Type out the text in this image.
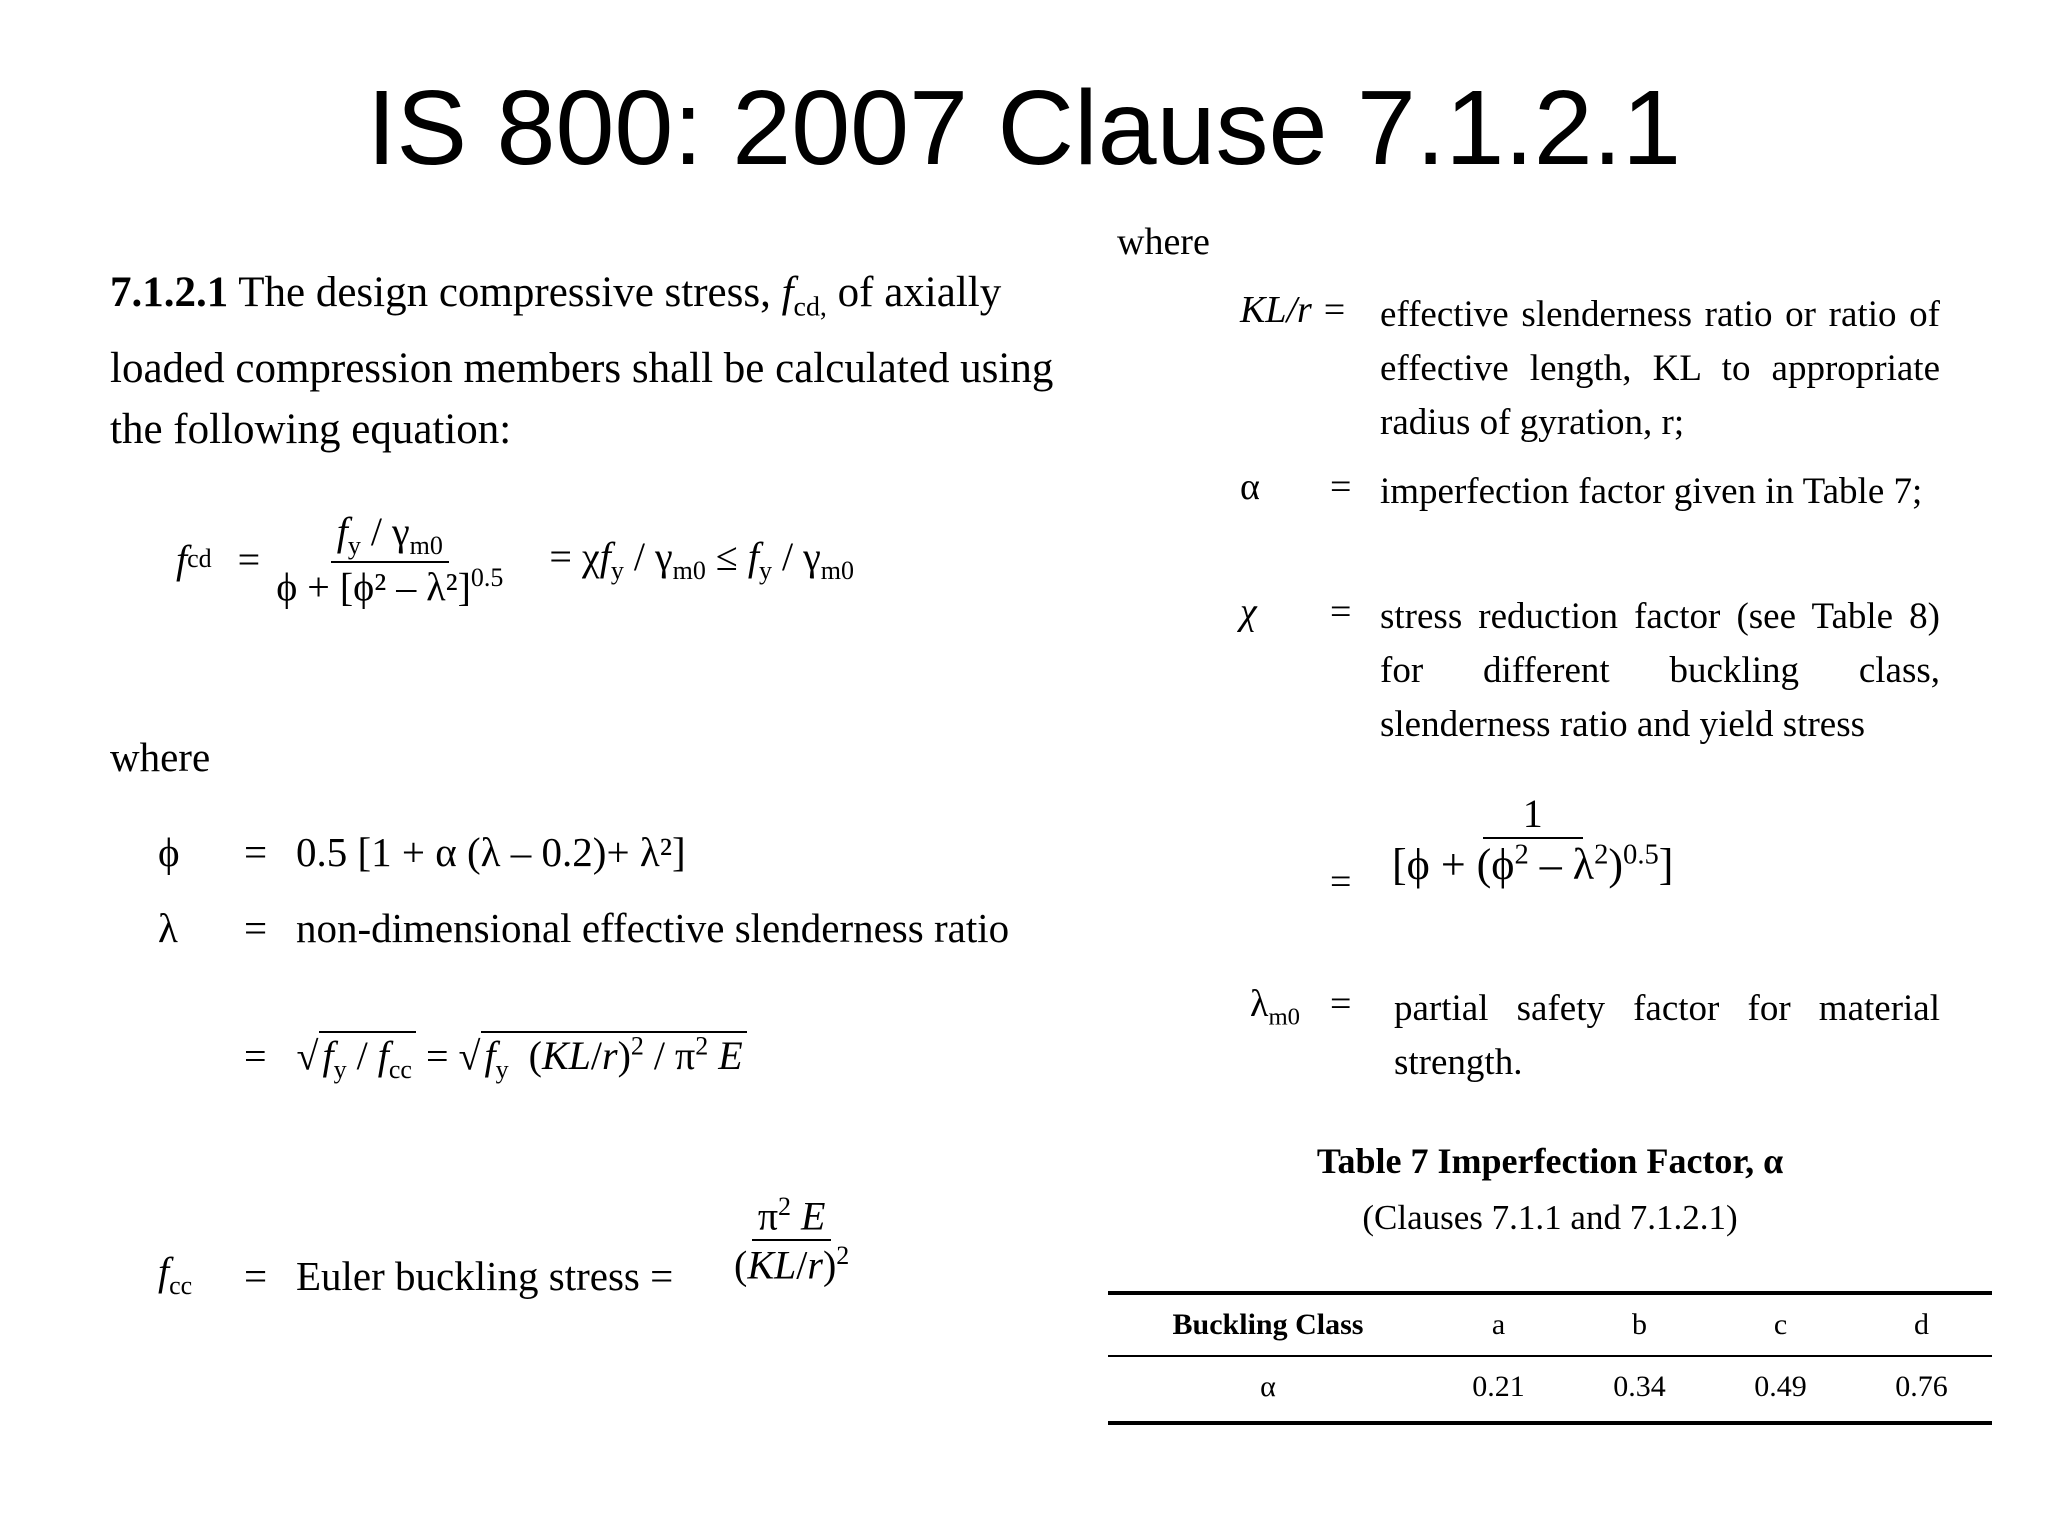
IS 800: 2007 Clause 7.1.2.1
7.1.2.1 The design compressive stress, $f_{cd,}$ of axially loaded compression members shall be calculated using the following equation:
f cd = $\frac{f_y / \gamma_{m0}}{\phi + [\phi^2 - \lambda^2]^{0.5}} = \chi f_y / \gamma_{m0} \le f_y / \gamma_{m0}$
where
ϕ = 0.5 [1 + α (λ – 0.2)+ λ²]
λ = non-dimensional effective slenderness ratio
=   √ $f_y / f_{cc}$ = √ $f_y$  $(KL/r)^2 / \pi^2$ E
$f_{cc}$ = Euler buckling stress = $\frac{\pi^2 E}{(KL/r)^2}$
where
KL/r = effective slenderness ratio or ratio of effective length, KL to appropriate radius of gyration, r;
α = imperfection factor given in Table 7;
χ = stress reduction factor (see Table 8) for different buckling class, slenderness ratio and yield stress
= $\frac{1}{[\phi + (\phi^2 - \lambda^2)^{0.5}]}$
$\lambda_{m0}$ = partial safety factor for material strength.
Table 7 Imperfection Factor, α
(Clauses 7.1.1 and 7.1.2.1)
Buckling Class	a	b	c	d
α	0.21	0.34	0.49	0.76
